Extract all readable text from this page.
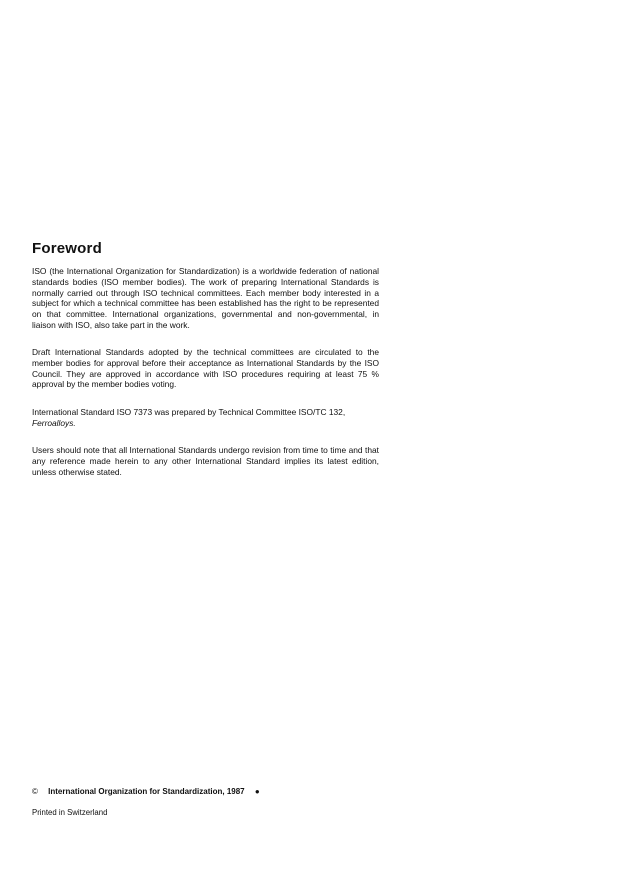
Foreword

ISO (the International Organization for Standardization) is a worldwide federation of national standards bodies (ISO member bodies). The work of preparing International Standards is normally carried out through ISO technical committees. Each member body interested in a subject for which a technical committee has been established has the right to be represented on that committee. International organizations, governmental and non-governmental, in liaison with ISO, also take part in the work.

Draft International Standards adopted by the technical committees are circulated to the member bodies for approval before their acceptance as International Standards by the ISO Council. They are approved in accordance with ISO procedures requiring at least 75 % approval by the member bodies voting.

International Standard ISO 7373 was prepared by Technical Committee ISO/TC 132,
Ferroalloys.

Users should note that all International Standards undergo revision from time to time and that any reference made herein to any other International Standard implies its latest edition, unless otherwise stated.

© International Organization for Standardization, 1987 ●

Printed in Switzerland
